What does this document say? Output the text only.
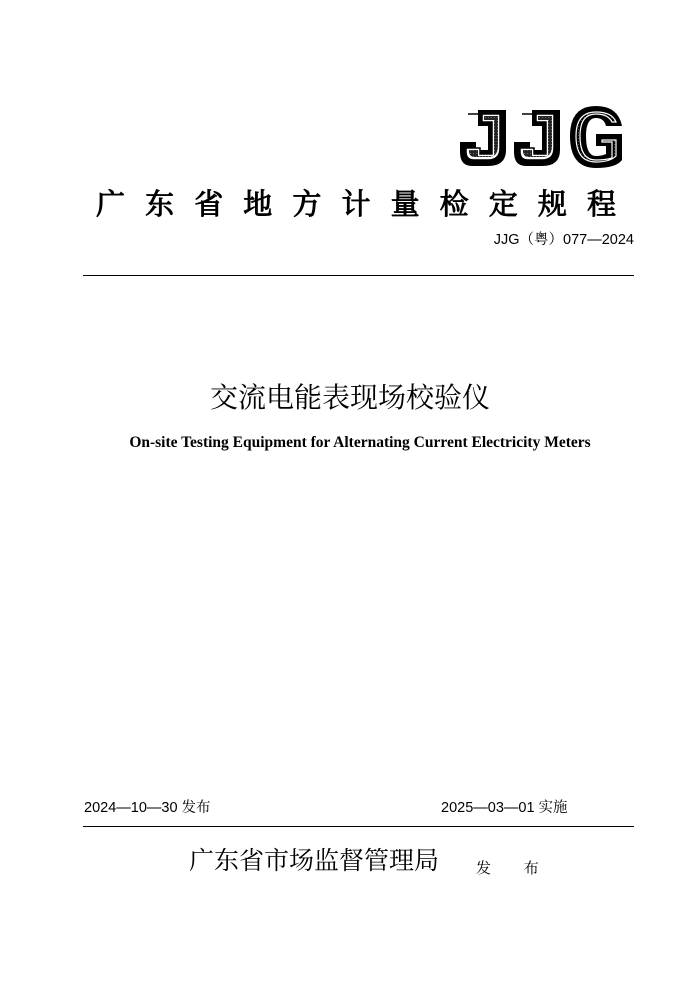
广 东 省 地 方 计 量 检 定 规 程
JJG（粤）077—2024
交流电能表现场校验仪
On-site Testing Equipment for Alternating Current Electricity Meters
2024—10—30 发布	2025—03—01 实施
广东省市场监督管理局 发 布
